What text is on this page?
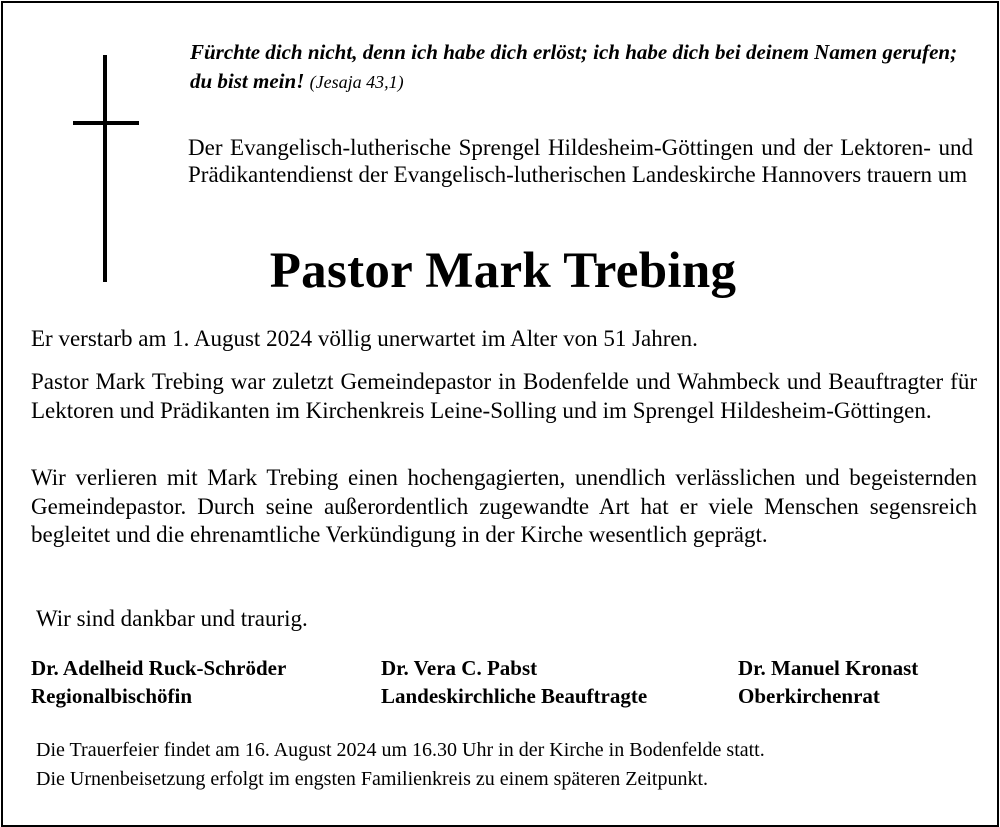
Fürchte dich nicht, denn ich habe dich erlöst; ich habe dich bei deinem Namen gerufen; du bist mein! (Jesaja 43,1)
Der Evangelisch-lutherische Sprengel Hildesheim-Göttingen und der Lektoren- und Prädikantendienst der Evangelisch-lutherischen Landeskirche Hannovers trauern um
Pastor Mark Trebing
Er verstarb am 1. August 2024 völlig unerwartet im Alter von 51 Jahren.
Pastor Mark Trebing war zuletzt Gemeindepastor in Bodenfelde und Wahmbeck und Beauftragter für Lektoren und Prädikanten im Kirchenkreis Leine-Solling und im Sprengel Hildesheim-Göttingen.
Wir verlieren mit Mark Trebing einen hochengagierten, unendlich verlässlichen und begeisternden Gemeindepastor. Durch seine außerordentlich zugewandte Art hat er viele Menschen segensreich begleitet und die ehrenamtliche Verkündigung in der Kirche wesentlich geprägt.
Wir sind dankbar und traurig.
Dr. Adelheid Ruck-Schröder
Regionalbischöfin
Dr. Vera C. Pabst
Landeskirchliche Beauftragte
Dr. Manuel Kronast
Oberkirchenrat
Die Trauerfeier findet am 16. August 2024 um 16.30 Uhr in der Kirche in Bodenfelde statt.
Die Urnenbeisetzung erfolgt im engsten Familienkreis zu einem späteren Zeitpunkt.
